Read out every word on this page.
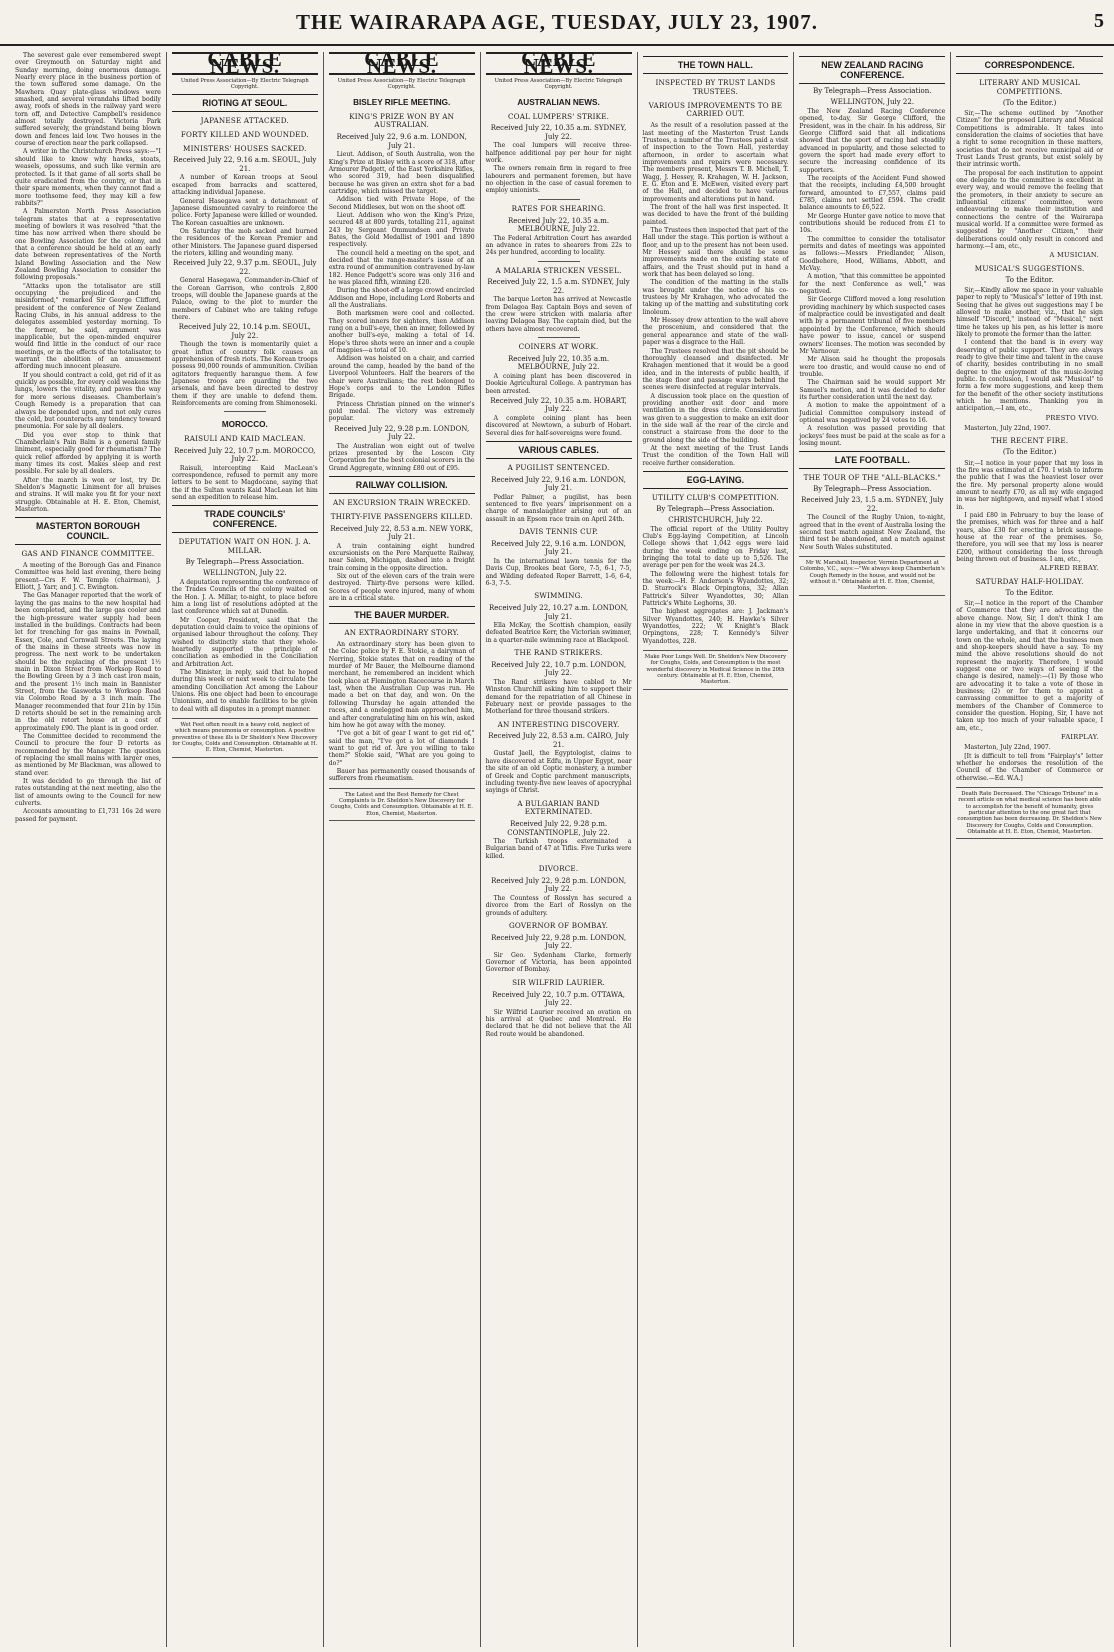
THE WAIRARAPA AGE, TUESDAY, JULY 23, 1907.	5

The severest gale ever remembered swept over Greymouth on Saturday night and Sunday morning, doing enormous damage. Nearly every place in the business portion of the town suffered some damage. On the Mawhera Quay plate-glass windows were smashed, and several verandahs lifted bodily away, roofs of sheds in the railway yard were torn off, and Detective Campbell's residence almost totally destroyed. Victoria Park suffered severely, the grandstand being blown down and fences laid low. Two houses in the course of erection near the park collapsed.

A writer in the Christchurch Press says:—"I should like to know why hawks, stoats, weasels, opossums, and such like vermin are protected. Is it that game of all sorts shall be quite eradicated from the country, or that in their spare moments, when they cannot find a more toothsome feed, they may kill a few rabbits?"

A Palmerston North Press Association telegram states that at a representative meeting of bowlers it was resolved "that the time has now arrived when there should be one Bowling Association for the colony, and that a conference should be held at an early date between representatives of the North Island Bowling Association and the New Zealand Bowling Association to consider the following proposals."

"Attacks upon the totalisator are still occupying the prejudiced and the misinformed," remarked Sir George Clifford, president of the conference of New Zealand Racing Clubs, in his annual address to the delegates assembled yesterday morning. To the former, he said, argument was inapplicable, but the open-minded enquirer would find little in the conduct of our race meetings, or in the effects of the totalisator, to warrant the abolition of an amusement affording much innocent pleasure.

If you should contract a cold, get rid of it as quickly as possible, for every cold weakens the lungs, lowers the vitality, and paves the way for more serious diseases. Chamberlain's Cough Remedy is a preparation that can always be depended upon, and not only cures the cold, but counteracts any tendency toward pneumonia. For sale by all dealers.

Did you ever stop to think that Chamberlain's Pain Balm is a general family liniment, especially good for rheumatism? The quick relief afforded by applying it is worth many times its cost. Makes sleep and rest possible. For sale by all dealers.

After the march is won or lost, try Dr. Sheldon's Magnetic Liniment for all bruises and strains. It will make you fit for your next struggle. Obtainable at H. E. Eton, Chemist, Masterton.

MASTERTON BOROUGH COUNCIL.
GAS AND FINANCE COMMITTEE.

A meeting of the Borough Gas and Finance Committee was held last evening, there being present—Crs F. W. Temple (chairman), J. Elliott, J. Yarr, and J. C. Ewington.

The Gas Manager reported that the work of laying the gas mains to the new hospital had been completed, and the large gas cooler and the high-pressure water supply had been installed in the buildings. Contracts had been let for trenching for gas mains in Pownall, Essex, Cole, and Cornwall Streets. The laying of the mains in these streets was now in progress. The next work to be undertaken should be the replacing of the present 1½ main in Dixon Street from Worksop Road to the Bowling Green by a 3 inch cast iron main, and the present 1½ inch main in Bannister Street, from the Gasworks to Worksop Road via Colombo Road by a 3 inch main. The Manager recommended that four 21in by 15in D retorts should be set in the remaining arch in the old retort house at a cost of approximately £90. The plant is in good order.

The Committee decided to recommend the Council to procure the four D retorts as recommended by the Manager. The question of replacing the small mains with larger ones, as mentioned by Mr Blackman, was allowed to stand over.

It was decided to go through the list of rates outstanding at the next meeting, also the list of amounts owing to the Council for new culverts.

Accounts amounting to £1,731 16s 2d were passed for payment.

CABLE NEWS.
United Press Association—By Electric Telegraph Copyright.
RIOTING AT SEOUL.
JAPANESE ATTACKED.
FORTY KILLED AND WOUNDED.
MINISTERS' HOUSES SACKED.
Received July 22, 9.16 a.m. SEOUL, July 21.

A number of Korean troops at Seoul escaped from barracks and scattered, attacking individual Japanese.

General Hasegawa sent a detachment of Japanese dismounted cavalry to reinforce the police. Forty Japanese were killed or wounded. The Korean casualties are unknown.

On Saturday the mob sacked and burned the residences of the Korean Premier and other Ministers. The Japanese guard dispersed the rioters, killing and wounding many.

Received July 22, 9.37 p.m. SEOUL, July 22.

General Hasegawa, Commander-in-Chief of the Corean Garrison, who controls 2,800 troops, will double the Japanese guards at the Palace, owing to the plot to murder the members of Cabinet who are taking refuge there.

Received July 22, 10.14 p.m. SEOUL, July 22.

Though the town is momentarily quiet a great influx of country folk causes an apprehension of fresh riots. The Korean troops possess 90,000 rounds of ammunition. Civilian agitators frequently harangue them. A few Japanese troops are guarding the two arsenals, and have been directed to destroy them if they are unable to defend them. Reinforcements are coming from Shimonoseki.

MOROCCO.
RAISULI AND KAID MACLEAN.
Received July 22, 10.7 p.m. MOROCCO, July 22.

Raisuli, intercepting Kaid MacLean's correspondence, refused to permit any more letters to be sent to Magdocane, saying that the if the Sultan wants Kaid MacLean let him send an expedition to release him.

TRADE COUNCILS' CONFERENCE.
DEPUTATION WAIT ON HON. J. A. MILLAR.
By Telegraph—Press Association.
WELLINGTON, July 22.

A deputation representing the conference of the Trades Councils of the colony waited on the Hon. J. A. Millar, to-night, to place before him a long list of resolutions adopted at the last conference which sat at Dunedin.

Mr Cooper, President, said that the deputation could claim to voice the opinions of organised labour throughout the colony. They wished to distinctly state that they whole-heartedly supported the principle of conciliation as embodied in the Conciliation and Arbitration Act.

The Minister, in reply, said that he hoped during this week or next week to circulate the amending Conciliation Act among the Labour Unions. His one object had been to encourage Unionism, and to enable facilities to be given to deal with all disputes in a prompt manner.

Wet Feet often result in a heavy cold, neglect of which means pneumonia or consumption. A positive preventive of these ills is Dr Sheldon's New Discovery for Coughs, Colds and Consumption. Obtainable at H. E. Eton, Chemist, Masterton.
CABLE NEWS.
United Press Association—By Electric Telegraph Copyright.
BISLEY RIFLE MEETING.
KING'S PRIZE WON BY AN AUSTRALIAN.
Received July 22, 9.6 a.m. LONDON, July 21.

Lieut. Addison, of South Australia, won the King's Prize at Bisley with a score of 318, after Armourer Padgett, of the East Yorkshire Rifles, who scored 319, had been disqualified because he was given an extra shot for a bad cartridge, which missed the target.

Addison tied with Private Hope, of the Second Middlesex, but won on the shoot off.

Lieut. Addison who won the King's Prize, secured 48 at 800 yards, totalling 211, against 243 by Sergeant Ommundsen and Private Bates, the Gold Medallist of 1901 and 1890 respectively.

The council held a meeting on the spot, and decided that the range-master's issue of an extra round of ammunition contravened by-law 182. Hence Padgett's score was only 316 and he was placed fifth, winning £20.

During the shoot-off a large crowd encircled Addison and Hope, including Lord Roberts and all the Australians.

Both marksmen were cool and collected. They scored inners for sighters, then Addison rang on a bull's-eye, then an inner, followed by another bull's-eye, making a total of 14. Hope's three shots were an inner and a couple of magpies—a total of 10.

Addison was hoisted on a chair, and carried around the camp, headed by the band of the Liverpool Volunteers. Half the bearers of the chair were Australians; the rest belonged to Hope's corps and to the London Rifles Brigade.

Princess Christian pinned on the winner's gold medal. The victory was extremely popular.

Received July 22, 9.28 p.m. LONDON, July 22.

The Australian won eight out of twelve prizes presented by the Loscon City Corporation for the best colonial scorers in the Grand Aggregate, winning £80 out of £95.

RAILWAY COLLISION.
AN EXCURSION TRAIN WRECKED.
THIRTY-FIVE PASSENGERS KILLED.
Received July 22, 8.53 a.m. NEW YORK, July 21.

A train containing eight hundred excursionists on the Pere Marquette Railway, near Salem, Michigan, dashed into a freight train coming in the opposite direction.

Six out of the eleven cars of the train were destroyed. Thirty-five persons were killed. Scores of people were injured, many of whom are in a critical state.

THE BAUER MURDER.
AN EXTRAORDINARY STORY.

An extraordinary story has been given to the Colac police by F. E. Stokie, a dairyman of Nerring, Stokie states that on reading of the murder of Mr Bauer, the Melbourne diamond merchant, he remembered an incident which took place at Flemington Racecourse in March last, when the Australian Cup was run. He made a bet on that day, and won. On the following Thursday he again attended the races, and a onelegged man approached him, and after congratulating him on his win, asked him how he got away with the money.

"I've got a bit of gear I want to get rid of," said the man, "I've got a lot of diamonds I want to get rid of. Are you willing to take them?" Stokie said, "What are you going to do?"

Bauer has permanently ceased thousands of sufferers from rheumatism.

The Latest and the Best Remedy for Chest Complaints is Dr. Sheldon's New Discovery for Coughs, Colds and Consumption. Obtainable at H. E. Eton, Chemist, Masterton.
CABLE NEWS.
United Press Association—By Electric Telegraph Copyright.
AUSTRALIAN NEWS.
COAL LUMPERS' STRIKE.
Received July 22, 10.35 a.m. SYDNEY, July 22.

The coal lumpers will receive three-halfpence additional pay per hour for night work.

The owners remain firm in regard to free labourers and permanent foremen, but have no objection in the case of casual foremen to employ unionists.

RATES FOR SHEARING.
Received July 22, 10.35 a.m. MELBOURNE, July 22.

The Federal Arbitration Court has awarded an advance in rates to shearers from 22s to 24s per hundred, according to locality.

A MALARIA STRICKEN VESSEL.
Received July 22, 1.5 a.m. SYDNEY, July 22.

The barque Lorton has arrived at Newcastle from Delagoa Bay. Captain Boys and seven of the crew were stricken with malaria after leaving Delagoa Bay. The captain died, but the others have almost recovered.

COINERS AT WORK.
Received July 22, 10.35 a.m. MELBOURNE, July 22.

A coining plant has been discovered in Dookie Agricultural College. A pantryman has been arrested.

Received July 22, 10.35 a.m. HOBART, July 22.

A complete coining plant has been discovered at Newtown, a suburb of Hobart. Several dies for half-sovereigns were found.

VARIOUS CABLES.
A PUGILIST SENTENCED.
Received July 22, 9.16 a.m. LONDON, July 21.

Pedlar Palmer, a pugilist, has been sentenced to five years' imprisonment on a charge of manslaughter arising out of an assault in an Epsom race train on April 24th.

DAVIS TENNIS CUP.
Received July 22, 9.16 a.m. LONDON, July 21.

In the international lawn tennis for the Davis Cup, Brookes beat Gore, 7-5, 6-1, 7-5, and Wilding defeated Roper Barrett, 1-6, 6-4, 6-3, 7-5.

SWIMMING.
Received July 22, 10.27 a.m. LONDON, July 21.

Ella McKay, the Scottish champion, easily defeated Beatrice Kerr, the Victorian swimmer, in a quarter-mile swimming race at Blackpool.

THE RAND STRIKERS.
Received July 22, 10.7 p.m. LONDON, July 22.

The Rand strikers have cabled to Mr Winston Churchill asking him to support their demand for the repatriation of all Chinese in February next or provide passages to the Motherland for three thousand strikers.

AN INTERESTING DISCOVERY.
Received July 22, 8.53 a.m. CAIRO, July 21.

Gustaf Jaell, the Egyptologist, claims to have discovered at Edfu, in Upper Egypt, near the site of an old Coptic monastery, a number of Greek and Coptic parchment manuscripts, including twenty-five new leaves of apocryphal sayings of Christ.

A BULGARIAN BAND EXTERMINATED.
Received July 22, 9.28 p.m. CONSTANTINOPLE, July 22.

The Turkish troops exterminated a Bulgarian band of 47 at Tiflis. Five Turks were killed.

DIVORCE.
Received July 22, 9.28 p.m. LONDON, July 22.

The Countess of Rosslyn has secured a divorce from the Earl of Rosslyn on the grounds of adultery.

GOVERNOR OF BOMBAY.
Received July 22, 9.28 p.m. LONDON, July 22.

Sir Geo. Sydenham Clarke, formerly Governor of Victoria, has been appointed Governor of Bombay.

SIR WILFRID LAURIER.
Received July 22, 10.7 p.m. OTTAWA, July 22.

Sir Wilfrid Laurier received an ovation on his arrival at Quebec and Montreal. He declared that he did not believe that the All Red route would be abandoned.

THE TOWN HALL.
INSPECTED BY TRUST LANDS TRUSTEES.
VARIOUS IMPROVEMENTS TO BE CARRIED OUT.

As the result of a resolution passed at the last meeting of the Masterton Trust Lands Trustees, a number of the Trustees paid a visit of inspection to the Town Hall, yesterday afternoon, in order to ascertain what improvements and repairs were necessary. The members present, Messrs T. B. Michell, T. Wagg, J. Hessey, R. Krahagen, W. H. Jackson, E. G. Eton and E. McEwen, visited every part of the Hall, and decided to have various improvements and alterations put in hand.

The front of the hall was first inspected. It was decided to have the front of the building painted.

The Trustees then inspected that part of the Hall under the stage. This portion is without a floor, and up to the present has not been used. Mr Hessey said there should be some improvements made on the existing state of affairs, and the Trust should put in hand a work that has been delayed so long.

The condition of the matting in the stalls was brought under the notice of his co-trustees by Mr Krahagen, who advocated the taking up of the matting and substituting cork linoleum.

Mr Hessey drew attention to the wall above the proscenium, and considered that the general appearance and state of the wall-paper was a disgrace to the Hall.

The Trustees resolved that the pit should be thoroughly cleansed and disinfected. Mr Krahagen mentioned that it would be a good idea, and in the interests of public health, if the stage floor and passage ways behind the scenes were disinfected at regular intervals.

A discussion took place on the question of providing another exit door and more ventilation in the dress circle. Consideration was given to a suggestion to make an exit door in the side wall at the rear of the circle and construct a staircase from the door to the ground along the side of the building.

At the next meeting of the Trust Lands Trust the condition of the Town Hall will receive further consideration.

EGG-LAYING.
UTILITY CLUB'S COMPETITION.
By Telegraph—Press Association.
CHRISTCHURCH, July 22.

The official report of the Utility Poultry Club's Egg-laying Competition, at Lincoln College shows that 1,042 eggs were laid during the week ending on Friday last, bringing the total to date up to 5,526. The average per pen for the week was 24.3.

The following were the highest totals for the week:—H. F. Anderson's Wyandottes, 32; D. Sturrock's Black Orpingtons, 32; Allan Pattrick's Silver Wyandottes, 30; Allan Pattrick's White Leghorns, 30.

The highest aggregates are: J. Jackman's Silver Wyandottes, 240; H. Hawke's Silver Wyandottes, 222; W. Knight's Black Orpingtons, 228; T. Kennedy's Silver Wyandottes, 228.

Make Poor Lungs Well. Dr. Sheldon's New Discovery for Coughs, Colds, and Consumption is the most wonderful discovery in Medical Science in the 20th century. Obtainable at H. E. Eton, Chemist, Masterton.
NEW ZEALAND RACING CONFERENCE.
By Telegraph—Press Association.
WELLINGTON, July 22.

The New Zealand Racing Conference opened, to-day, Sir George Clifford, the President, was in the chair. In his address, Sir George Clifford said that all indications showed that the sport of racing had steadily advanced in popularity, and those selected to govern the sport had made every effort to secure the increasing confidence of its supporters.

The receipts of the Accident Fund showed that the receipts, including £4,500 brought forward, amounted to £7,557, claims paid £785, claims not settled £594. The credit balance amounts to £6,522.

Mr George Hunter gave notice to move that contributions should be reduced from £1 to 10s.

The committee to consider the totalisator permits and dates of meetings was appointed as follows:—Messrs Friedlander, Alison, Goodbehere, Hood, Williams, Abbott, and McVay.

A motion, "that this committee be appointed for the next Conference as well," was negatived.

Sir George Clifford moved a long resolution providing machinery by which suspected cases of malpractice could be investigated and dealt with by a permanent tribunal of five members appointed by the Conference, which should have power to issue, cancel or suspend owners' licenses. The motion was seconded by Mr Varnoour.

Mr Alison said he thought the proposals were too drastic, and would cause no end of trouble.

The Chairman said he would support Mr Samuel's motion, and it was decided to defer its further consideration until the next day.

A motion to make the appointment of a Judicial Committee compulsory instead of optional was negatived by 24 votes to 16.

A resolution was passed providing that jockeys' fees must be paid at the scale as for a losing mount.

LATE FOOTBALL.
THE TOUR OF THE "ALL-BLACKS."
By Telegraph—Press Association.
Received July 23, 1.5 a.m. SYDNEY, July 22.

The Council of the Rugby Union, to-night, agreed that in the event of Australia losing the second test match against New Zealand, the third test be abandoned, and a match against New South Wales substituted.

Mr W. Marshall, Inspector, Vermin Department at Colombo, V.C., says:—"We always keep Chamberlain's Cough Remedy in the house, and would not be without it." Obtainable at H. E. Eton, Chemist, Masterton.
CORRESPONDENCE.
LITERARY AND MUSICAL COMPETITIONS.
(To the Editor.)

Sir,—The scheme outlined by "Another Citizen" for the proposed Literary and Musical Competitions is admirable. It takes into consideration the claims of societies that have a right to some recognition in these matters, societies that do not receive municipal aid or Trust Lands Trust grants, but exist solely by their intrinsic worth.

The proposal for each institution to appoint one delegate to the committee is excellent in every way, and would remove the feeling that the promoters, in their anxiety to secure an influential citizens' committee, were endeavouring to make their institution and connections the centre of the Wairarapa musical world. If a committee were formed as suggested by "Another Citizen," their deliberations could only result in concord and harmony.—I am, etc.,

A MUSICIAN.
MUSICAL'S SUGGESTIONS.
To the Editor.

Sir,—Kindly allow me space in your valuable paper to reply to "Musical's" letter of 19th inst. Seeing that he gives out suggestions may I be allowed to make another, viz., that he sign himself "Discord," instead of "Musical," next time he takes up his pen, as his letter is more likely to promote the former than the latter.

I contend that the band is in every way deserving of public support. They are always ready to give their time and talent in the cause of charity, besides contributing in no small degree to the enjoyment of the music-loving public. In conclusion, I would ask "Musical" to form a few more suggestions, and keep them for the benefit of the other society institutions which he mentions. Thanking you in anticipation,—I am, etc.,

PRESTO VIVO.

Masterton, July 22nd, 1907.

THE RECENT FIRE.
(To the Editor.)

Sir,—I notice in your paper that my loss in the fire was estimated at £70. I wish to inform the public that I was the heaviest loser over the fire. My personal property alone would amount to nearly £70, as all my wife engaged in was her nightgown, and myself what I stood in.

I paid £80 in February to buy the lease of the premises, which was for three and a half years, also £30 for erecting a brick sausage-house at the rear of the premises. So, therefore, you will see that my loss is nearer £200, without considering the loss through being thrown out of business. I am, etc.,

ALFRED REBAY.
SATURDAY HALF-HOLIDAY.
To the Editor.

Sir,—I notice in the report of the Chamber of Commerce that they are advocating the above change. Now, Sir, I don't think I am alone in my view that the above question is a large undertaking, and that it concerns our town on the whole, and that the business men and shop-keepers should have a say. To my mind the above resolutions should do not represent the majority. Therefore, I would suggest one or two ways of seeing if the change is desired, namely:—(1) By those who are advocating it to take a vote of those in business; (2) or for them to appoint a canvassing committee to get a majority of members of the Chamber of Commerce to consider the question. Hoping, Sir, I have not taken up too much of your valuable space, I am, etc.,

FAIRPLAY.

Masterton, July 22nd, 1907.

[It is difficult to tell from "Fairplay's" letter whether he endorses the resolution of the Council of the Chamber of Commerce or otherwise.—Ed. W.A.]

Death Rate Decreased. The "Chicago Tribune" in a recent article on what medical science has been able to accomplish for the benefit of humanity, gives particular attention to the one great fact that consumption has been decreasing. Dr. Sheldon's New Discovery for Coughs, Colds and Consumption. Obtainable at H. E. Eton, Chemist, Masterton.
